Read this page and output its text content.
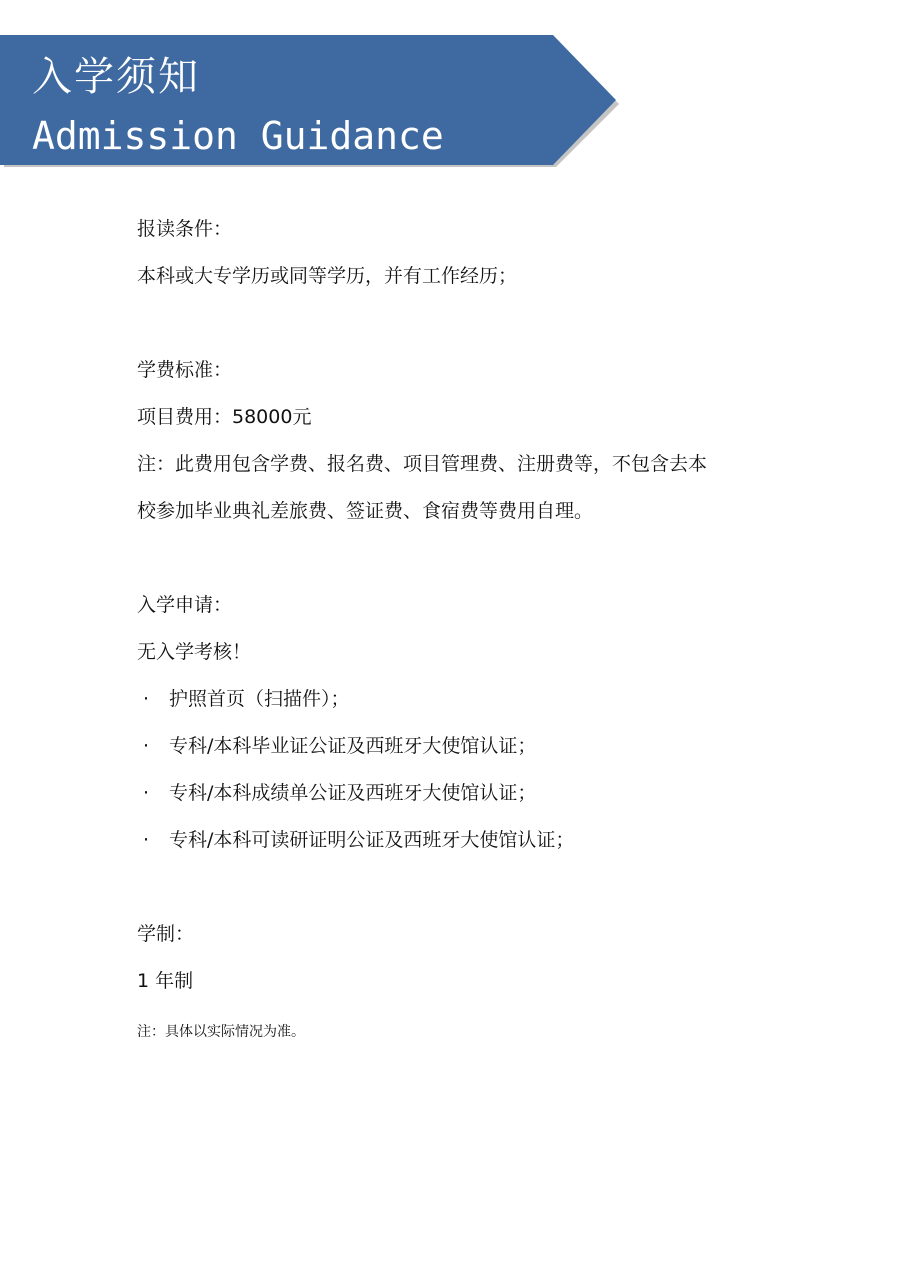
入学须知
Admission Guidance
报读条件：
本科或大专学历或同等学历，并有工作经历；
学费标准：
项目费用：58000元
注：此费用包含学费、报名费、项目管理费、注册费等，不包含去本
校参加毕业典礼差旅费、签证费、食宿费等费用自理。
入学申请：
无入学考核！
· 护照首页（扫描件）；
· 专科/本科毕业证公证及西班牙大使馆认证；
· 专科/本科成绩单公证及西班牙大使馆认证；
· 专科/本科可读研证明公证及西班牙大使馆认证；
学制：
1 年制
注：具体以实际情况为准。
